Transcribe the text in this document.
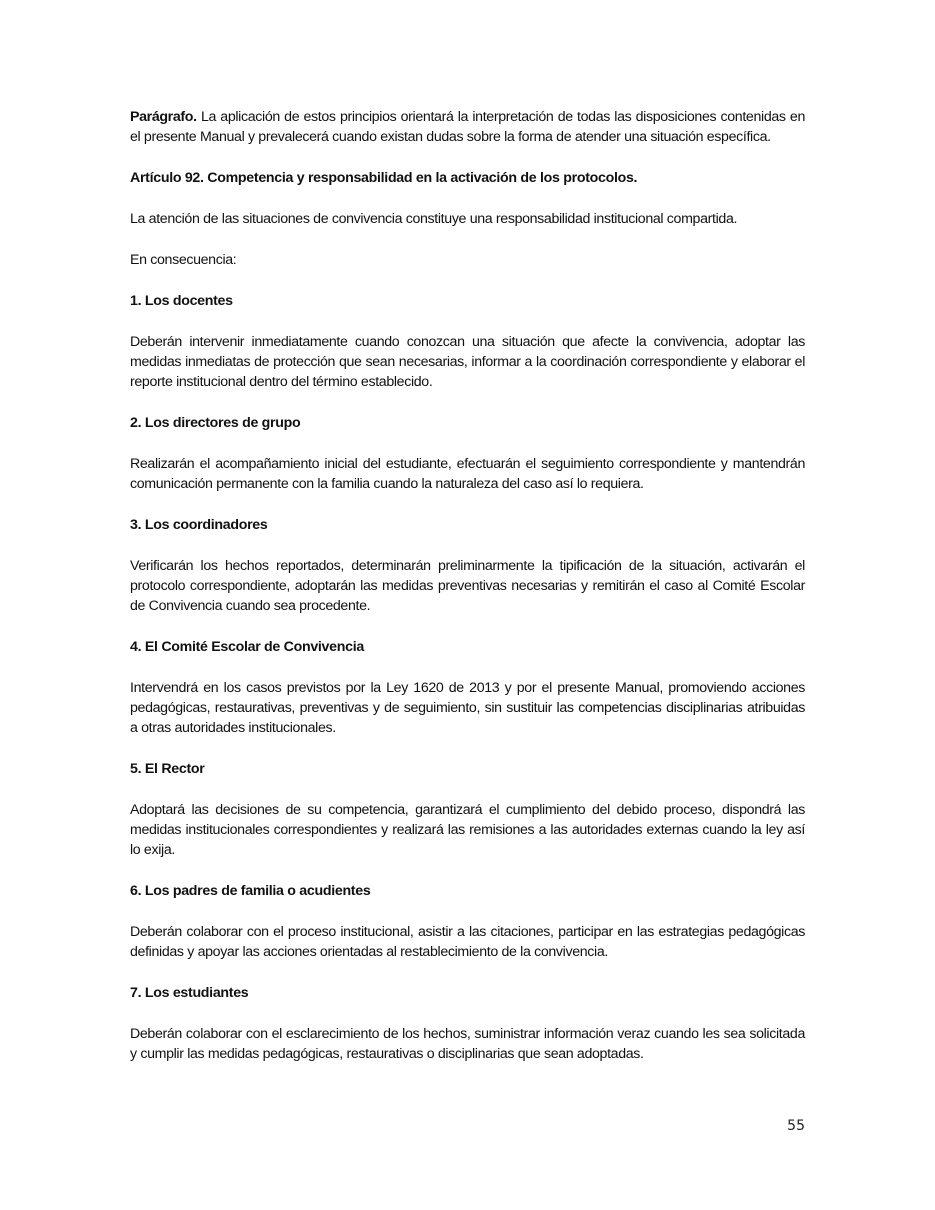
Parágrafo. La aplicación de estos principios orientará la interpretación de todas las disposiciones contenidas en el presente Manual y prevalecerá cuando existan dudas sobre la forma de atender una situación específica.

Artículo 92. Competencia y responsabilidad en la activación de los protocolos.

La atención de las situaciones de convivencia constituye una responsabilidad institucional compartida.

En consecuencia:

1. Los docentes

Deberán intervenir inmediatamente cuando conozcan una situación que afecte la convivencia, adoptar las medidas inmediatas de protección que sean necesarias, informar a la coordinación correspondiente y elaborar el reporte institucional dentro del término establecido.

2. Los directores de grupo

Realizarán el acompañamiento inicial del estudiante, efectuarán el seguimiento correspondiente y mantendrán comunicación permanente con la familia cuando la naturaleza del caso así lo requiera.

3. Los coordinadores

Verificarán los hechos reportados, determinarán preliminarmente la tipificación de la situación, activarán el protocolo correspondiente, adoptarán las medidas preventivas necesarias y remitirán el caso al Comité Escolar de Convivencia cuando sea procedente.

4. El Comité Escolar de Convivencia

Intervendrá en los casos previstos por la Ley 1620 de 2013 y por el presente Manual, promoviendo acciones pedagógicas, restaurativas, preventivas y de seguimiento, sin sustituir las competencias disciplinarias atribuidas a otras autoridades institucionales.

5. El Rector

Adoptará las decisiones de su competencia, garantizará el cumplimiento del debido proceso, dispondrá las medidas institucionales correspondientes y realizará las remisiones a las autoridades externas cuando la ley así lo exija.

6. Los padres de familia o acudientes

Deberán colaborar con el proceso institucional, asistir a las citaciones, participar en las estrategias pedagógicas definidas y apoyar las acciones orientadas al restablecimiento de la convivencia.

7. Los estudiantes

Deberán colaborar con el esclarecimiento de los hechos, suministrar información veraz cuando les sea solicitada y cumplir las medidas pedagógicas, restaurativas o disciplinarias que sean adoptadas.

55
